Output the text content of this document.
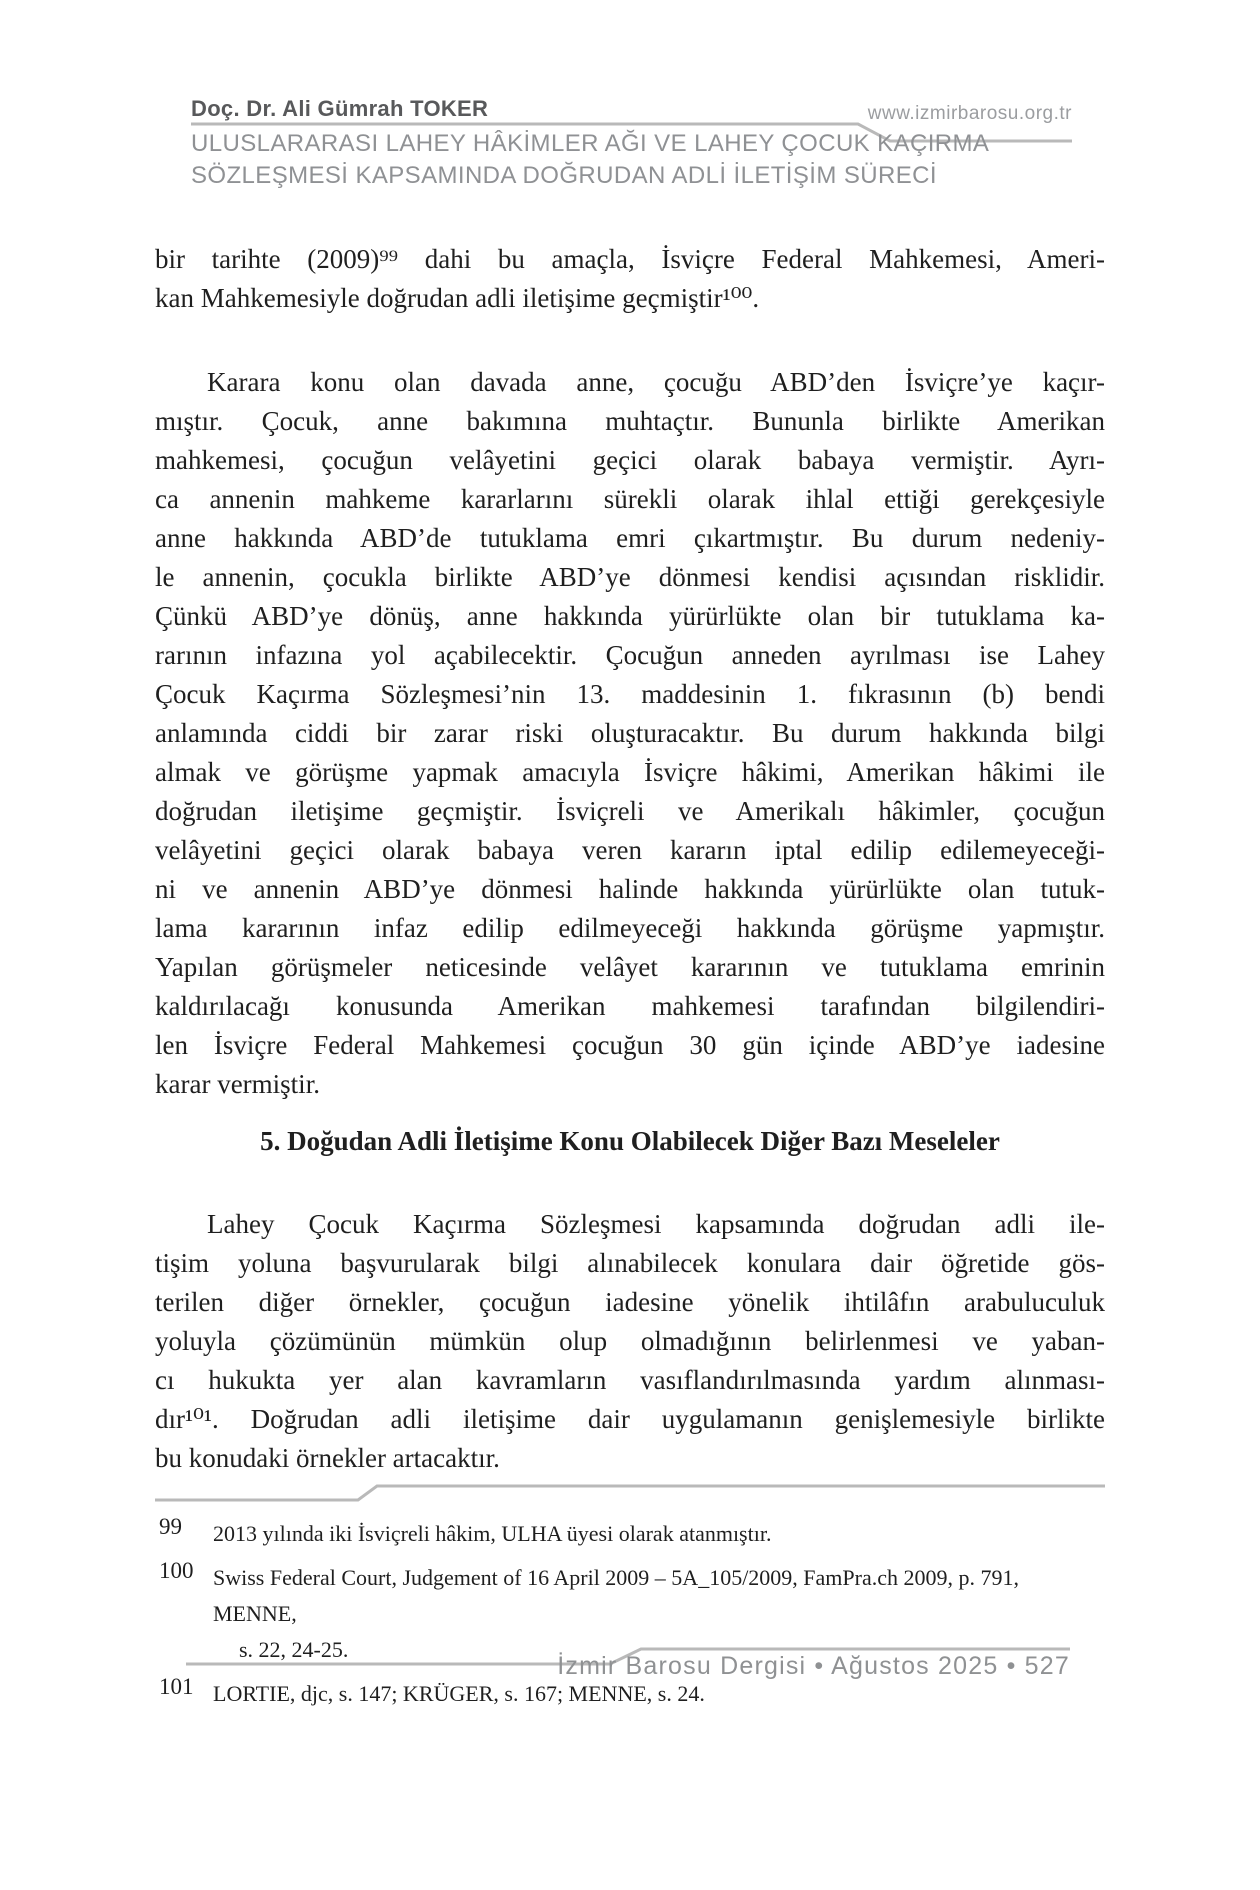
Doç. Dr. Ali Gümrah TOKER	www.izmirbarosu.org.tr
ULUSLARARASI LAHEY HÂKİMLER AĞI VE LAHEY ÇOCUK KAÇIRMA
SÖZLEŞMESİ KAPSAMINDA DOĞRUDAN ADLİ İLETİŞİM SÜRECİ
bir tarihte (2009)⁹⁹ dahi bu amaçla, İsviçre Federal Mahkemesi, Ameri-
kan Mahkemesiyle doğrudan adli iletişime geçmiştir¹⁰⁰.
Karara konu olan davada anne, çocuğu ABD’den İsviçre’ye kaçır-
mıştır. Çocuk, anne bakımına muhtaçtır. Bununla birlikte Amerikan
mahkemesi, çocuğun velâyetini geçici olarak babaya vermiştir. Ayrı-
ca annenin mahkeme kararlarını sürekli olarak ihlal ettiği gerekçesiyle
anne hakkında ABD’de tutuklama emri çıkartmıştır. Bu durum nedeniy-
le annenin, çocukla birlikte ABD’ye dönmesi kendisi açısından risklidir.
Çünkü ABD’ye dönüş, anne hakkında yürürlükte olan bir tutuklama ka-
rarının infazına yol açabilecektir. Çocuğun anneden ayrılması ise Lahey
Çocuk Kaçırma Sözleşmesi’nin 13. maddesinin 1. fıkrasının (b) bendi
anlamında ciddi bir zarar riski oluşturacaktır. Bu durum hakkında bilgi
almak ve görüşme yapmak amacıyla İsviçre hâkimi, Amerikan hâkimi ile
doğrudan iletişime geçmiştir. İsviçreli ve Amerikalı hâkimler, çocuğun
velâyetini geçici olarak babaya veren kararın iptal edilip edilemeyeceği-
ni ve annenin ABD’ye dönmesi halinde hakkında yürürlükte olan tutuk-
lama kararının infaz edilip edilmeyeceği hakkında görüşme yapmıştır.
Yapılan görüşmeler neticesinde velâyet kararının ve tutuklama emrinin
kaldırılacağı konusunda Amerikan mahkemesi tarafından bilgilendiri-
len İsviçre Federal Mahkemesi çocuğun 30 gün içinde ABD’ye iadesine
karar vermiştir.
5. Doğudan Adli İletişime Konu Olabilecek Diğer Bazı Meseleler
Lahey Çocuk Kaçırma Sözleşmesi kapsamında doğrudan adli ile-
tişim yoluna başvurularak bilgi alınabilecek konulara dair öğretide gös-
terilen diğer örnekler, çocuğun iadesine yönelik ihtilâfın arabuluculuk
yoluyla çözümünün mümkün olup olmadığının belirlenmesi ve yaban-
cı hukukta yer alan kavramların vasıflandırılmasında yardım alınması-
dır¹⁰¹. Doğrudan adli iletişime dair uygulamanın genişlemesiyle birlikte
bu konudaki örnekler artacaktır.
99 2013 yılında iki İsviçreli hâkim, ULHA üyesi olarak atanmıştır.
100 Swiss Federal Court, Judgement of 16 April 2009 – 5A_105/2009, FamPra.ch 2009, p. 791, MENNE,
s. 22, 24-25.
101 LORTIE, djc, s. 147; KRÜGER, s. 167; MENNE, s. 24.
İzmir Barosu Dergisi • Ağustos 2025 • 527
